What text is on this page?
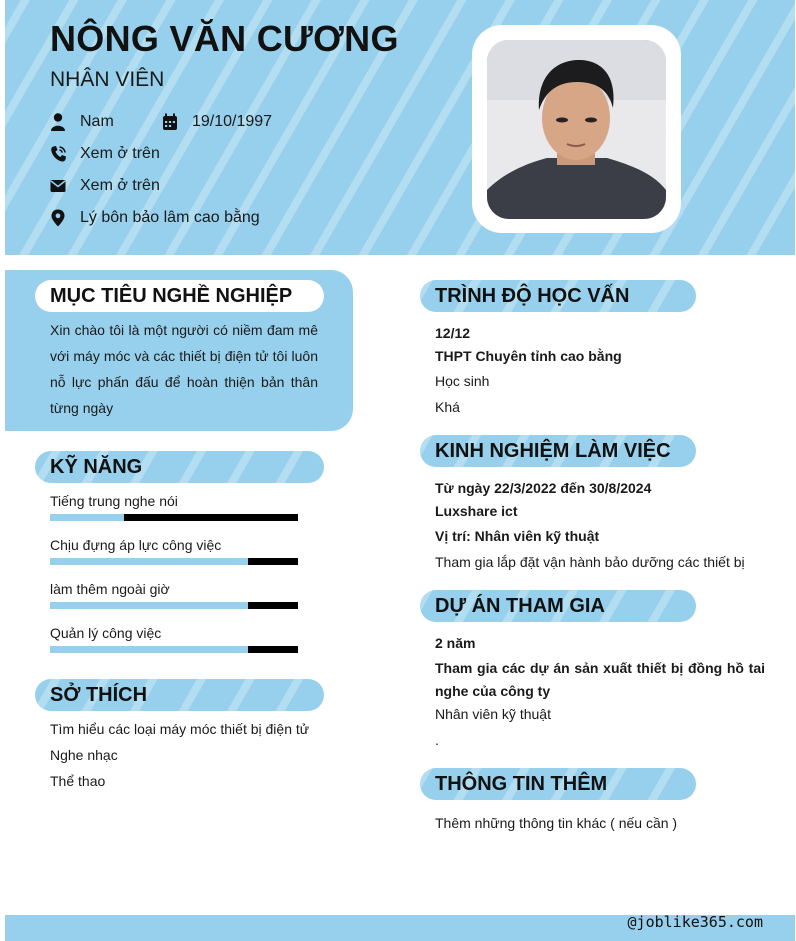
NÔNG VĂN CƯƠNG
NHÂN VIÊN
Nam	19/10/1997
Xem ở trên
Xem ở trên
Lý bôn bảo lâm cao bằng
MỤC TIÊU NGHỀ NGHIỆP
Xin chào tôi là một người có niềm đam mê với máy móc và các thiết bị điện tử tôi luôn nỗ lực phấn đấu để hoàn thiện bản thân từng ngày
KỸ NĂNG
Tiếng trung nghe nói
Chịu đựng áp lực công việc
làm thêm ngoài giờ
Quản lý công việc
SỞ THÍCH
Tìm hiểu các loại máy móc thiết bị điện tử
Nghe nhạc
Thể thao
TRÌNH ĐỘ HỌC VẤN
12/12
THPT Chuyên tỉnh cao bằng
Học sinh
Khá
KINH NGHIỆM LÀM VIỆC
Từ ngày 22/3/2022 đến 30/8/2024
Luxshare ict
Vị trí: Nhân viên kỹ thuật
Tham gia lắp đặt vận hành bảo dưỡng các thiết bị
DỰ ÁN THAM GIA
2 năm
Tham gia các dự án sản xuất thiết bị đồng hồ tai nghe của công ty
Nhân viên kỹ thuật
.
THÔNG TIN THÊM
Thêm những thông tin khác ( nếu cần )
@joblike365.com
